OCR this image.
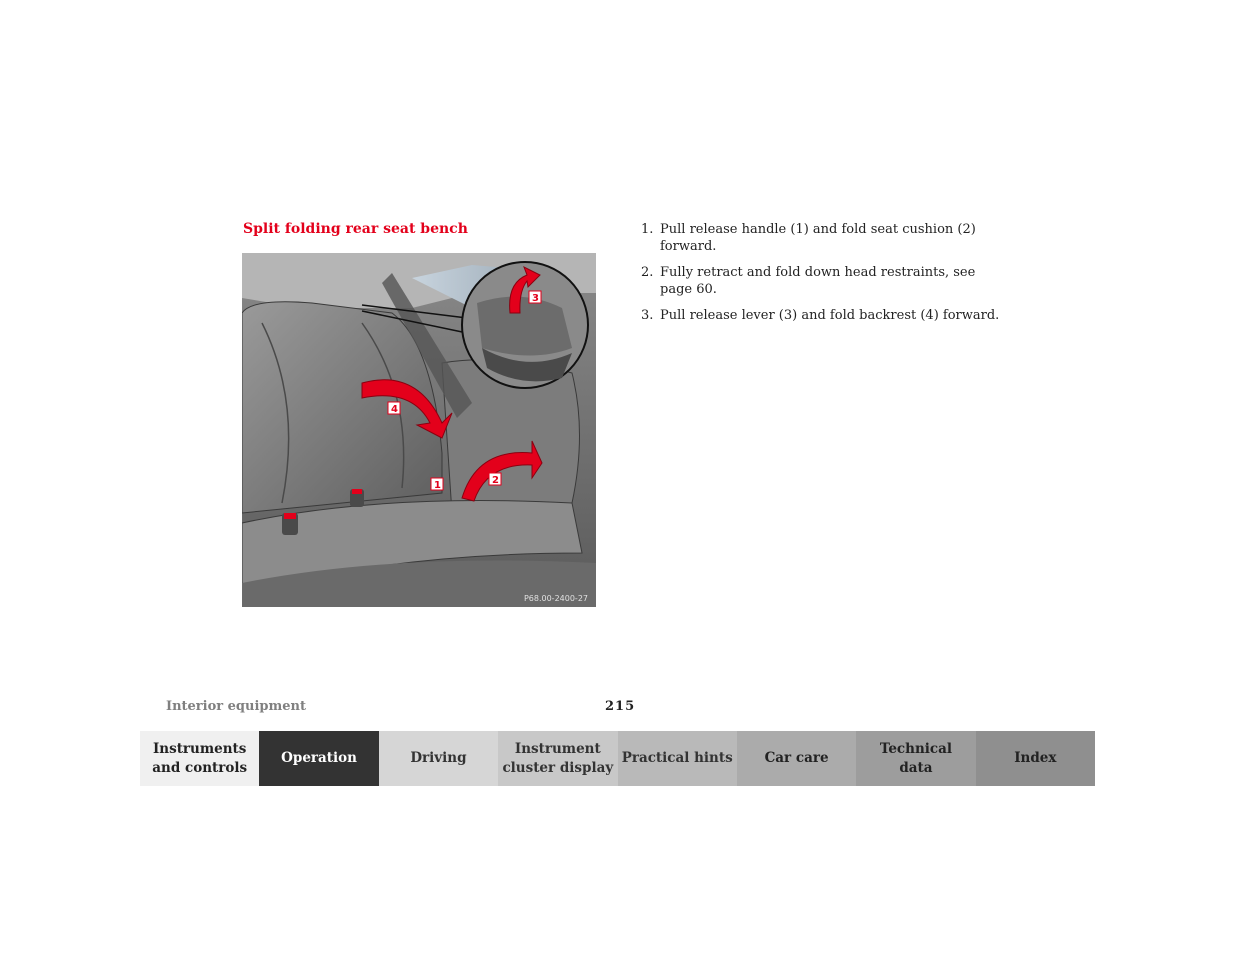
Split folding rear seat bench
1	2
3
4
P68.00-2400-27
1. Pull release handle (1) and fold seat cushion (2) forward.
2. Fully retract and fold down head restraints, see page 60.
3. Pull release lever (3) and fold backrest (4) forward.
Interior equipment	215
Instruments
and controls
Operation	Driving
Instrument
cluster display
Practical hints	Car care
Technical
data
Index
